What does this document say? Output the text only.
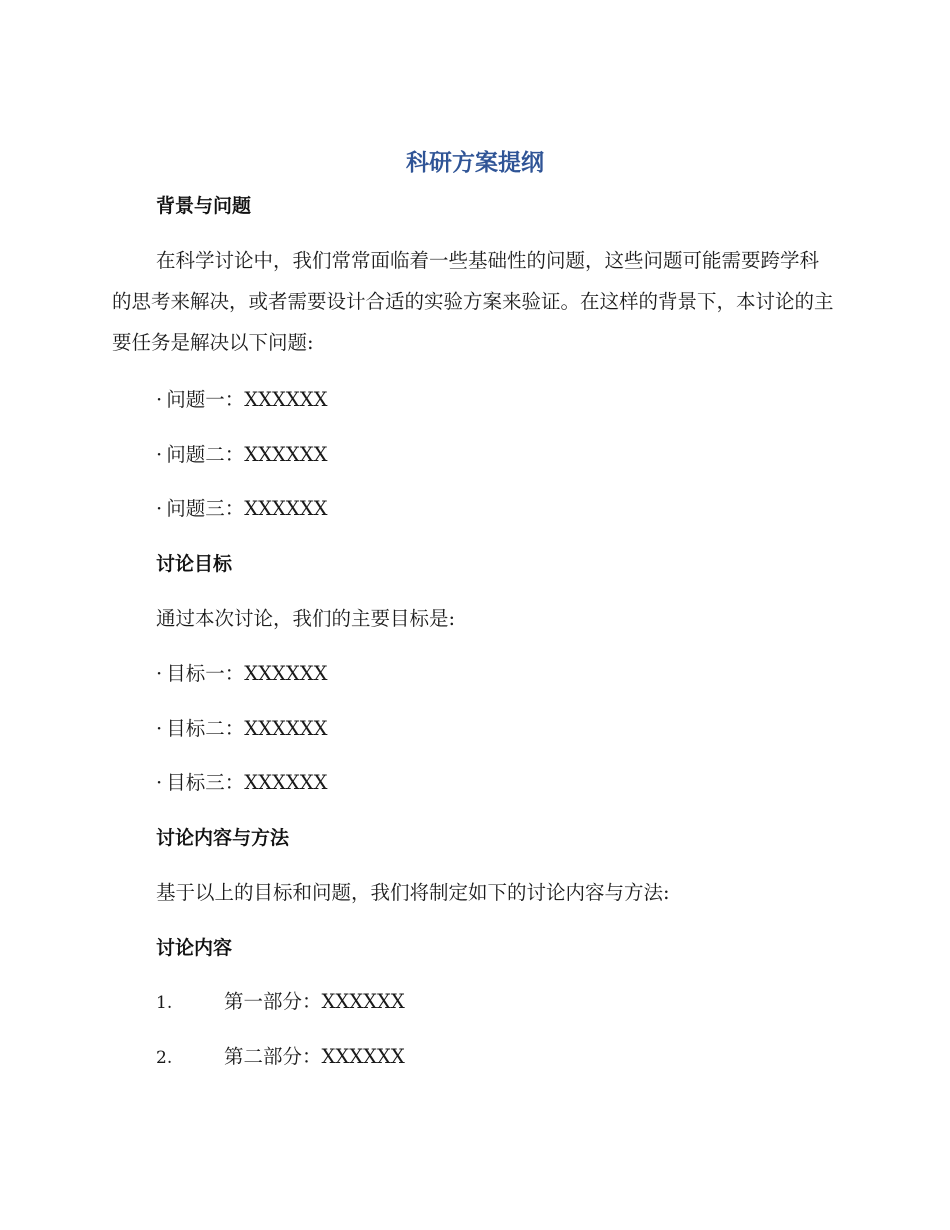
科研方案提纲
背景与问题
在科学讨论中，我们常常面临着一些基础性的问题，这些问题可能需要跨学科的思考来解决，或者需要设计合适的实验方案来验证。在这样的背景下，本讨论的主要任务是解决以下问题:
· 问题一：XXXXXX
· 问题二：XXXXXX
· 问题三：XXXXXX
讨论目标
通过本次讨论，我们的主要目标是:
· 目标一：XXXXXX
· 目标二：XXXXXX
· 目标三：XXXXXX
讨论内容与方法
基于以上的目标和问题，我们将制定如下的讨论内容与方法:
讨论内容
1.	第一部分：XXXXXX
2.	第二部分：XXXXXX
